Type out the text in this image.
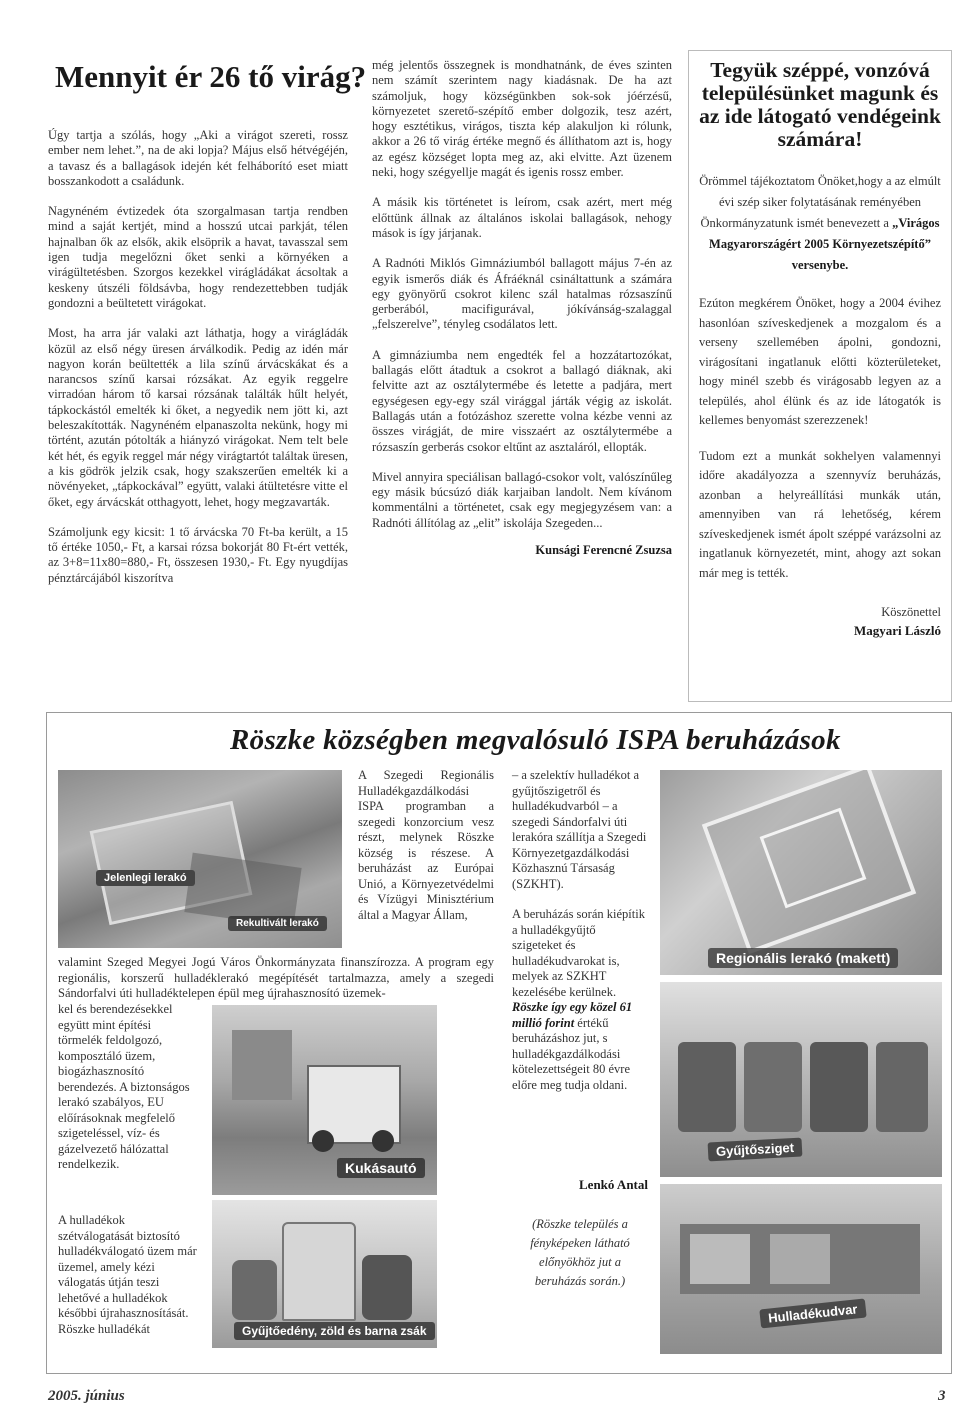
Mennyit ér 26 tő virág?

Úgy tartja a szólás, hogy „Aki a virágot szereti, rossz ember nem lehet.”, na de aki lopja? Május első hétvégéjén, a tavasz és a ballagások idején két felháborító eset miatt bosszankodott a családunk.

Nagynéném évtizedek óta szorgalmasan tartja rendben mind a saját kertjét, mind a hosszú utcai parkját, télen hajnalban ők az elsők, akik elsöprik a havat, tavasszal sem igen tudja megelőzni őket senki a környéken a virágültetésben. Szorgos kezekkel virágládákat ácsoltak a keskeny útszéli földsávba, hogy rendezettebben tudják gondozni a beültetett virágokat.

Most, ha arra jár valaki azt láthatja, hogy a virágládák közül az első négy üresen árválkodik. Pedig az idén már nagyon korán beültették a lila színű árvácskákat és a narancsos színű karsai rózsákat. Az egyik reggelre virradóan három tő karsai rózsának találták hűlt helyét, tápkockástól emelték ki őket, a negyedik nem jött ki, azt beleszakították. Nagynéném elpanaszolta nekünk, hogy mi történt, azután pótolták a hiányzó virágokat. Nem telt bele két hét, és egyik reggel már négy virágtartót találtak üresen, a kis gödrök jelzik csak, hogy szakszerűen emelték ki a növényeket, „tápkockával” együtt, valaki átültetésre vitte el őket, egy árvácskát otthagyott, lehet, hogy megzavarták.

Számoljunk egy kicsit: 1 tő árvácska 70 Ft-ba került, a 15 tő értéke 1050,- Ft, a karsai rózsa bokorját 80 Ft-ért vették, az 3+8=11x80=880,- Ft, összesen 1930,- Ft. Egy nyugdíjas pénztárcájából kiszorítva

még jelentős összegnek is mondhatnánk, de éves szinten nem számít szerintem nagy kiadásnak. De ha azt számoljuk, hogy községünkben sok-sok jóérzésű, környezetet szerető-szépítő ember dolgozik, tesz azért, hogy esztétikus, virágos, tiszta kép alakuljon ki rólunk, akkor a 26 tő virág értéke megnő és állíthatom azt is, hogy az egész községet lopta meg az, aki elvitte. Azt üzenem neki, hogy szégyellje magát és igenis rossz ember.

A másik kis történetet is leírom, csak azért, mert még előttünk állnak az általános iskolai ballagások, nehogy mások is így járjanak.

A Radnóti Miklós Gimnáziumból ballagott május 7-én az egyik ismerős diák és Áfráéknál csináltattunk a számára egy gyönyörű csokrot kilenc szál hatalmas rózsaszínű gerberából, macifigurával, jókívánság-szalaggal „felszerelve”, tényleg csodálatos lett.

A gimnáziumba nem engedték fel a hozzátartozókat, ballagás előtt átadtuk a csokrot a ballagó diáknak, aki felvitte azt az osztálytermébe és letette a padjára, mert egységesen egy-egy szál virággal járták végig az iskolát. Ballagás után a fotózáshoz szerette volna kézbe venni az összes virágját, de mire visszaért az osztálytermébe a rózsaszín gerberás csokor eltűnt az asztaláról, ellopták.

Mivel annyira speciálisan ballagó-csokor volt, valószínűleg egy másik búcsúzó diák karjaiban landolt. Nem kívánom kommentálni a történetet, csak egy megjegyzésem van: a Radnóti állítólag az „elit” iskolája Szegeden...

Kunsági Ferencné Zsuzsa

Tegyük széppé, vonzóvá településünket magunk és az ide látogató vendégeink számára!
Örömmel tájékoztatom Önöket,hogy a az elmúlt évi szép siker folytatásának reményében Önkormányzatunk ismét benevezett a „Virágos Magyarországért 2005 Környezetszépítő” versenybe.
Ezúton megkérem Önöket, hogy a 2004 évihez hasonlóan szíveskedjenek a mozgalom és a verseny szellemében ápolni, gondozni, virágosítani ingatlanuk előtti közterületeket, hogy minél szebb és virágosabb legyen az a település, ahol élünk és az ide látogatók is kellemes benyomást szerezzenek!
Tudom ezt a munkát sokhelyen valamennyi időre akadályozza a szennyvíz beruházás, azonban a helyreállítási munkák után, amennyiben van rá lehetőség, kérem szíveskedjenek ismét ápolt széppé varázsolni az ingatlanuk környezetét, mint, ahogy azt sokan már meg is tették.
Köszönettel
Magyari László
Röszke községben megvalósuló ISPA beruházások
Jelenlegi lerakó
Rekultivált lerakó
A Szegedi Regionális Hulladékgazdálkodási ISPA programban a szegedi konzorcium vesz részt, melynek Röszke község is részese. A beruházást az Európai Unió, a Környezetvédelmi és Vízügyi Minisztérium által a Magyar Állam,
valamint Szeged Megyei Jogú Város Önkormányzata finanszírozza. A program egy regionális, korszerű hulladéklerakó megépítését tartalmazza, amely a szegedi Sándorfalvi úti hulladéktelepen épül meg újrahasznosító üzemek-
kel és berendezésekkel együtt mint építési törmelék feldolgozó, komposztáló üzem, biogázhasznosító berendezés. A biztonságos lerakó szabályos, EU előírásoknak megfelelő szigeteléssel, víz- és gázelvezető hálózattal rendelkezik.	Kukásautó
Gyűjtőedény, zöld és barna zsák
A hulladékok szétválogatását biztosító hulladékválogató üzem már üzemel, amely kézi válogatás útján teszi lehetővé a hulladékok későbbi újrahasznosítását. Röszke hulladékát

– a szelektív hulladékot a gyűjtőszigetről és hulladékudvarból – a szegedi Sándorfalvi úti lerakóra szállítja a Szegedi Környezetgazdálkodási Közhasznú Társaság (SZKHT).

A beruházás során kiépítik a hulladékgyűjtő szigeteket és hulladékudvarokat is, melyek az SZKHT kezelésébe kerülnek. Röszke így egy közel 61 millió forint értékű beruházáshoz jut, s hulladékgazdálkodási kötelezettségeit 80 évre előre meg tudja oldani.

Lenkó Antal
(Röszke település a fényképeken látható előnyökhöz jut a beruházás során.)
Regionális lerakó (makett)
Gyűjtősziget
Hulladékudvar
2005. június	3
